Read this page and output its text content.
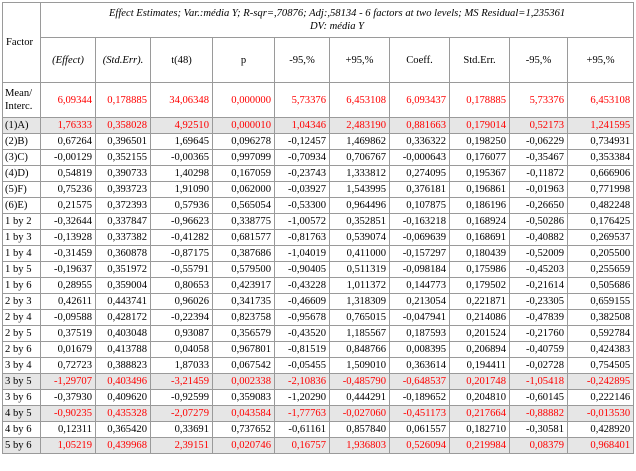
Factor	Effect Estimates; Var.:média Y; R-sqr=,70876; Adj:,58134 - 6 factors at two levels; MS Residual=1,235361
DV: média Y									
	(Effect)	(Std.Err).	t(48)	p	-95,%	+95,%	Coeff.	Std.Err.	-95,%	+95,%
Mean/
Interc.	6,09344	0,178885	34,06348	0,000000	5,73376	6,453108	6,093437	0,178885	5,73376	6,453108
(1)A)	1,76333	0,358028	4,92510	0,000010	1,04346	2,483190	0,881663	0,179014	0,52173	1,241595
(2)B)	0,67264	0,396501	1,69645	0,096278	-0,12457	1,469862	0,336322	0,198250	-0,06229	0,734931
(3)C)	-0,00129	0,352155	-0,00365	0,997099	-0,70934	0,706767	-0,000643	0,176077	-0,35467	0,353384
(4)D)	0,54819	0,390733	1,40298	0,167059	-0,23743	1,333812	0,274095	0,195367	-0,11872	0,666906
(5)F)	0,75236	0,393723	1,91090	0,062000	-0,03927	1,543995	0,376181	0,196861	-0,01963	0,771998
(6)E)	0,21575	0,372393	0,57936	0,565054	-0,53300	0,964496	0,107875	0,186196	-0,26650	0,482248
1 by 2	-0,32644	0,337847	-0,96623	0,338775	-1,00572	0,352851	-0,163218	0,168924	-0,50286	0,176425
1 by 3	-0,13928	0,337382	-0,41282	0,681577	-0,81763	0,539074	-0,069639	0,168691	-0,40882	0,269537
1 by 4	-0,31459	0,360878	-0,87175	0,387686	-1,04019	0,411000	-0,157297	0,180439	-0,52009	0,205500
1 by 5	-0,19637	0,351972	-0,55791	0,579500	-0,90405	0,511319	-0,098184	0,175986	-0,45203	0,255659
1 by 6	0,28955	0,359004	0,80653	0,423917	-0,43228	1,011372	0,144773	0,179502	-0,21614	0,505686
2 by 3	0,42611	0,443741	0,96026	0,341735	-0,46609	1,318309	0,213054	0,221871	-0,23305	0,659155
2 by 4	-0,09588	0,428172	-0,22394	0,823758	-0,95678	0,765015	-0,047941	0,214086	-0,47839	0,382508
2 by 5	0,37519	0,403048	0,93087	0,356579	-0,43520	1,185567	0,187593	0,201524	-0,21760	0,592784
2 by 6	0,01679	0,413788	0,04058	0,967801	-0,81519	0,848766	0,008395	0,206894	-0,40759	0,424383
3 by 4	0,72723	0,388823	1,87033	0,067542	-0,05455	1,509010	0,363614	0,194411	-0,02728	0,754505
3 by 5	-1,29707	0,403496	-3,21459	0,002338	-2,10836	-0,485790	-0,648537	0,201748	-1,05418	-0,242895
3 by 6	-0,37930	0,409620	-0,92599	0,359083	-1,20290	0,444291	-0,189652	0,204810	-0,60145	0,222146
4 by 5	-0,90235	0,435328	-2,07279	0,043584	-1,77763	-0,027060	-0,451173	0,217664	-0,88882	-0,013530
4 by 6	0,12311	0,365420	0,33691	0,737652	-0,61161	0,857840	0,061557	0,182710	-0,30581	0,428920
5 by 6	1,05219	0,439968	2,39151	0,020746	0,16757	1,936803	0,526094	0,219984	0,08379	0,968401
